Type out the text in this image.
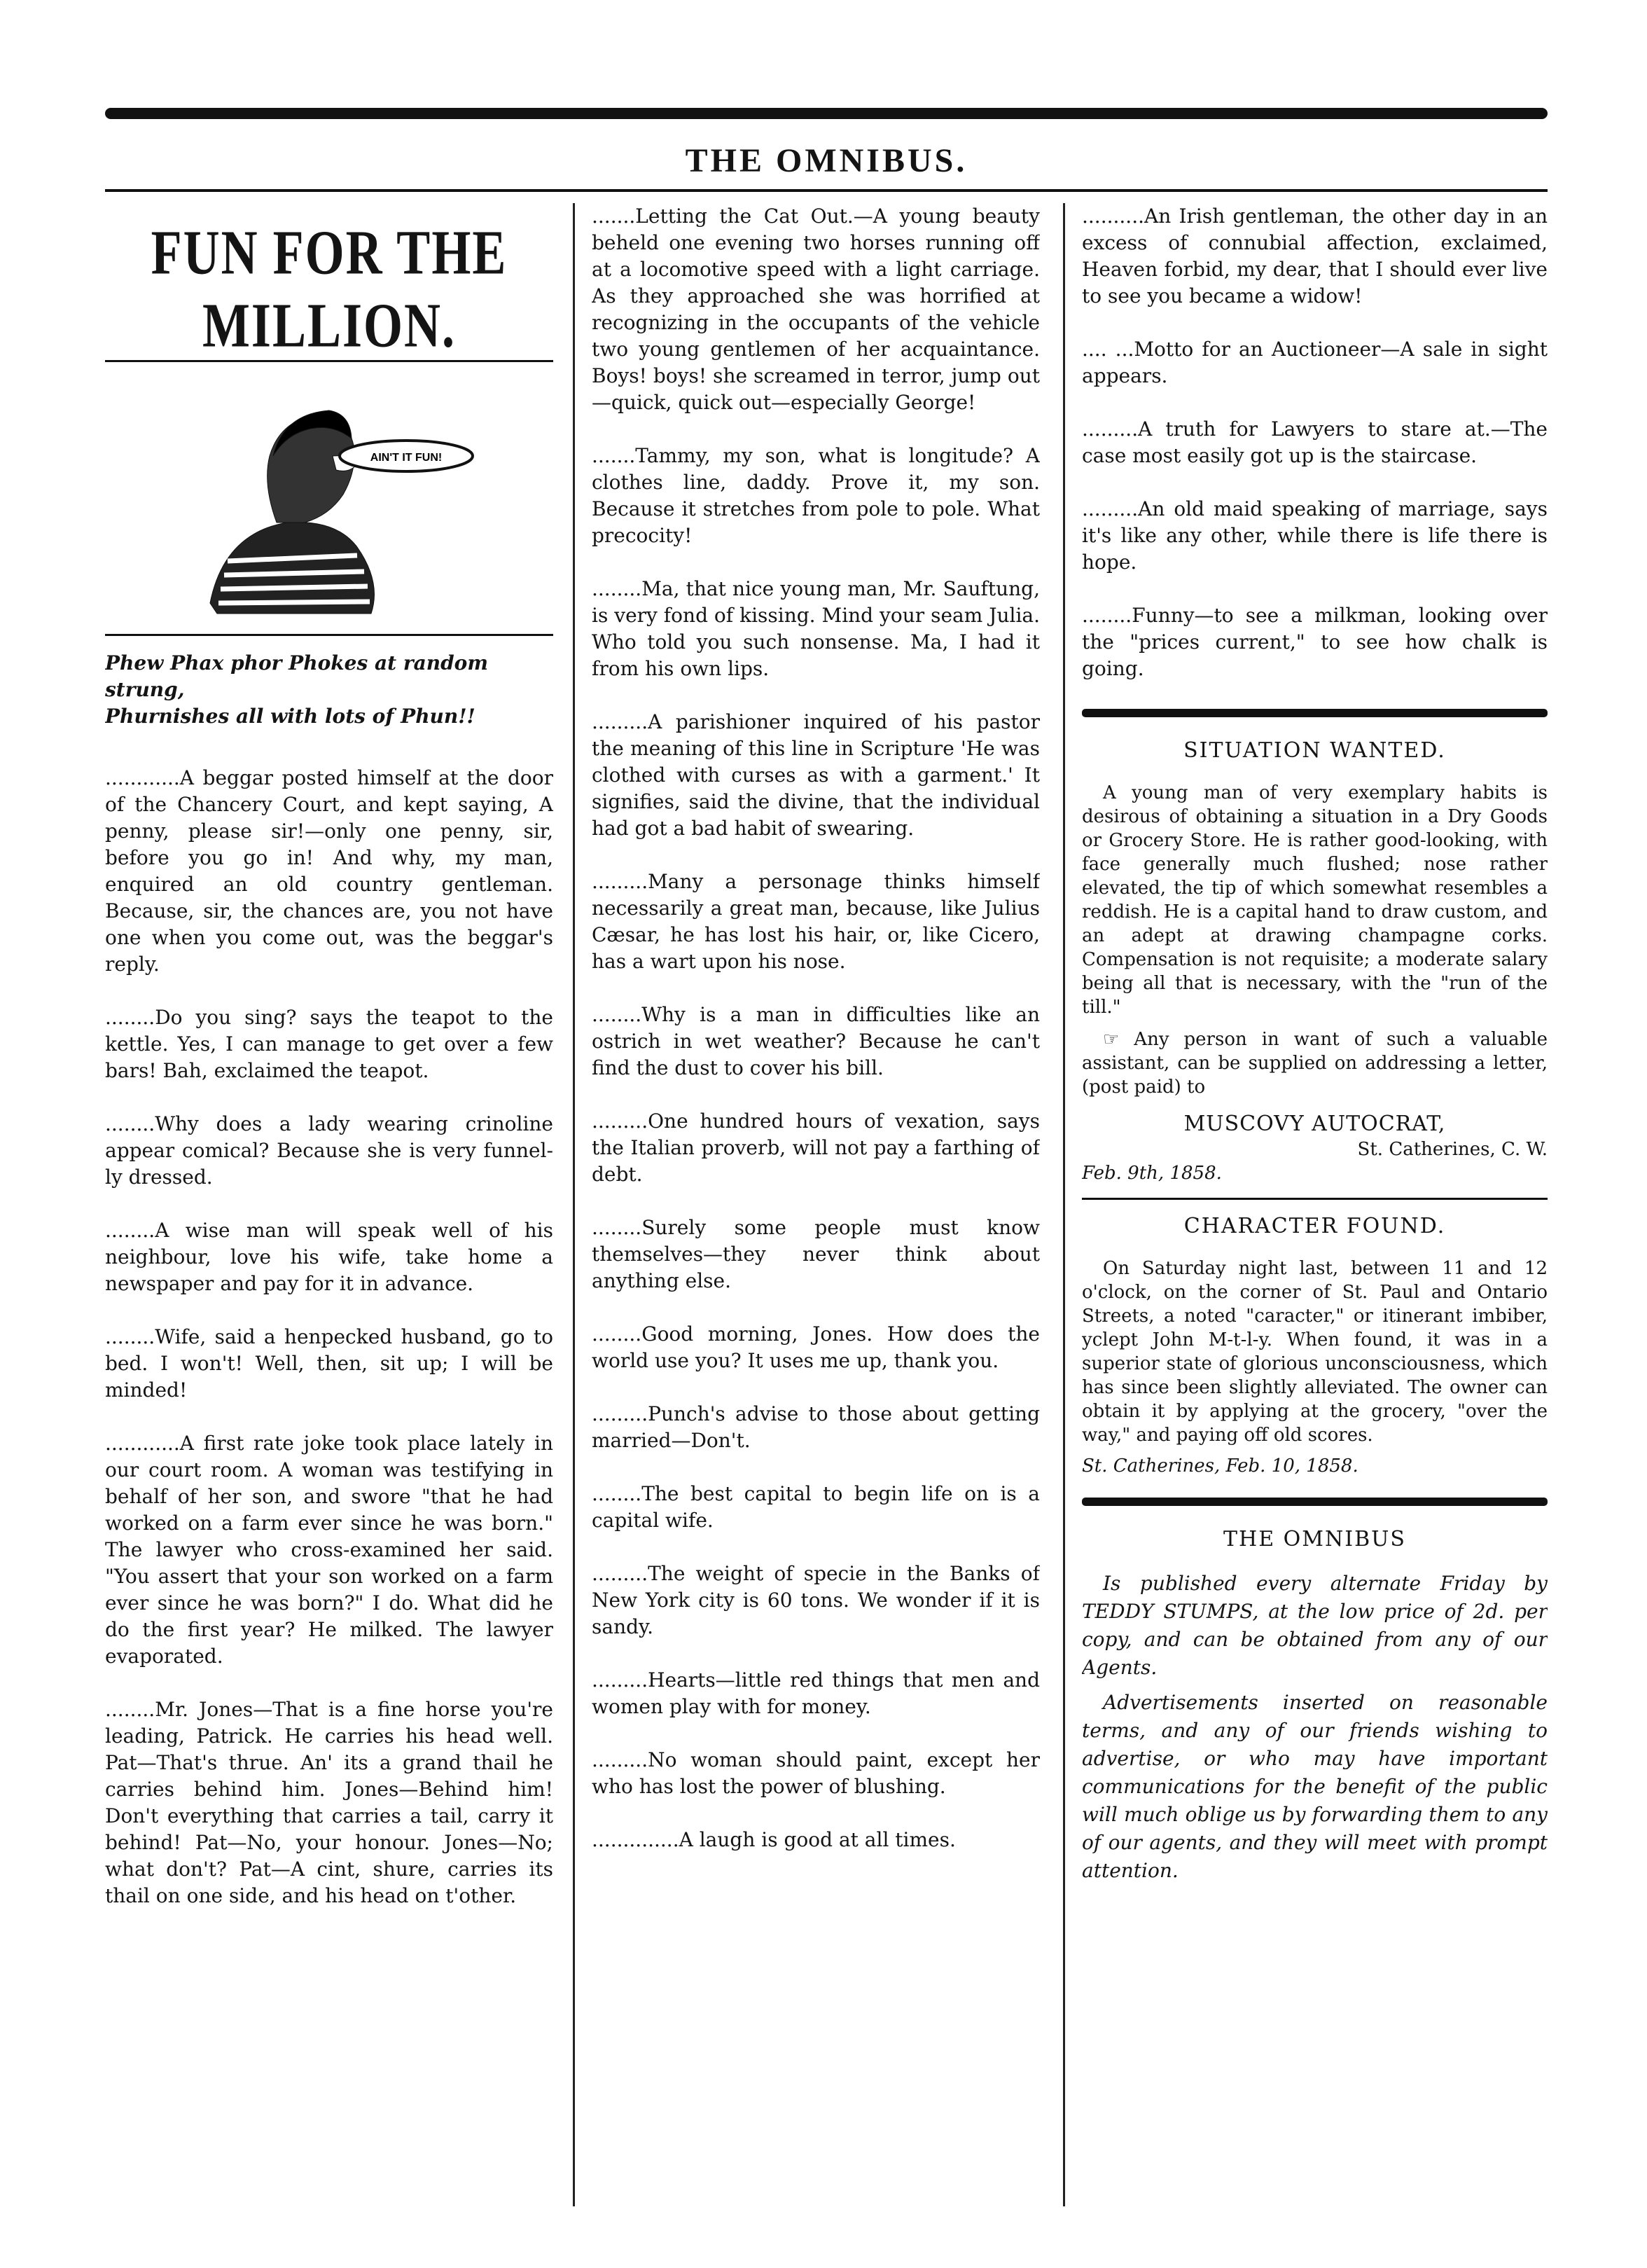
THE OMNIBUS.
FUN FOR THE MILLION.
AIN'T IT FUN!
Phew Phax phor Phokes at random strung,
Phurnishes all with lots of Phun!!

............A beggar posted himself at the door of the Chancery Court, and kept saying, A penny, please sir!—only one penny, sir, before you go in! And why, my man, enquired an old country gentleman. Because, sir, the chances are, you not have one when you come out, was the beggar's reply.

........Do you sing? says the teapot to the kettle. Yes, I can manage to get over a few bars! Bah, exclaimed the teapot.

........Why does a lady wearing crinoline appear comical? Because she is very funnel-ly dressed.

........A wise man will speak well of his neighbour, love his wife, take home a newspaper and pay for it in advance.

........Wife, said a henpecked husband, go to bed. I won't! Well, then, sit up; I will be minded!

............A first rate joke took place lately in our court room. A woman was testifying in behalf of her son, and swore "that he had worked on a farm ever since he was born." The lawyer who cross-examined her said. "You assert that your son worked on a farm ever since he was born?" I do. What did he do the first year? He milked. The lawyer evaporated.

........Mr. Jones—That is a fine horse you're leading, Patrick. He carries his head well. Pat—That's thrue. An' its a grand thail he carries behind him. Jones—Behind him! Don't everything that carries a tail, carry it behind! Pat—No, your honour. Jones—No; what don't? Pat—A cint, shure, carries its thail on one side, and his head on t'other.

.......Letting the Cat Out.—A young beauty beheld one evening two horses running off at a locomotive speed with a light carriage. As they approached she was horrified at recognizing in the occupants of the vehicle two young gentlemen of her acquaintance. Boys! boys! she screamed in terror, jump out—quick, quick out—especially George!

.......Tammy, my son, what is longitude? A clothes line, daddy. Prove it, my son. Because it stretches from pole to pole. What precocity!

........Ma, that nice young man, Mr. Sauftung, is very fond of kissing. Mind your seam Julia. Who told you such nonsense. Ma, I had it from his own lips.

.........A parishioner inquired of his pastor the meaning of this line in Scripture 'He was clothed with curses as with a garment.' It signifies, said the divine, that the individual had got a bad habit of swearing.

.........Many a personage thinks himself necessarily a great man, because, like Julius Cæsar, he has lost his hair, or, like Cicero, has a wart upon his nose.

........Why is a man in difficulties like an ostrich in wet weather? Because he can't find the dust to cover his bill.

.........One hundred hours of vexation, says the Italian proverb, will not pay a farthing of debt.

........Surely some people must know themselves—they never think about anything else.

........Good morning, Jones. How does the world use you? It uses me up, thank you.

.........Punch's advise to those about getting married—Don't.

........The best capital to begin life on is a capital wife.

.........The weight of specie in the Banks of New York city is 60 tons. We wonder if it is sandy.

.........Hearts—little red things that men and women play with for money.

.........No woman should paint, except her who has lost the power of blushing.

..............A laugh is good at all times.

..........An Irish gentleman, the other day in an excess of connubial affection, exclaimed, Heaven forbid, my dear, that I should ever live to see you became a widow!

.... ...Motto for an Auctioneer—A sale in sight appears.

.........A truth for Lawyers to stare at.—The case most easily got up is the staircase.

.........An old maid speaking of marriage, says it's like any other, while there is life there is hope.

........Funny—to see a milkman, looking over the "prices current," to see how chalk is going.

SITUATION WANTED.
A young man of very exemplary habits is desirous of obtaining a situation in a Dry Goods or Grocery Store. He is rather good-looking, with face generally much flushed; nose rather elevated, the tip of which somewhat resembles a reddish. He is a capital hand to draw custom, and an adept at drawing champagne corks. Compensation is not requisite; a moderate salary being all that is necessary, with the "run of the till."
☞ Any person in want of such a valuable assistant, can be supplied on addressing a letter, (post paid) to
MUSCOVY AUTOCRAT,
St. Catherines, C. W.
Feb. 9th, 1858.
CHARACTER FOUND.
On Saturday night last, between 11 and 12 o'clock, on the corner of St. Paul and Ontario Streets, a noted "caracter," or itinerant imbiber, yclept John M-t-l-y. When found, it was in a superior state of glorious unconsciousness, which has since been slightly alleviated. The owner can obtain it by applying at the grocery, "over the way," and paying off old scores.
St. Catherines, Feb. 10, 1858.
THE OMNIBUS
Is published every alternate Friday by TEDDY STUMPS, at the low price of 2d. per copy, and can be obtained from any of our Agents.
Advertisements inserted on reasonable terms, and any of our friends wishing to advertise, or who may have important communications for the benefit of the public will much oblige us by forwarding them to any of our agents, and they will meet with prompt attention.
